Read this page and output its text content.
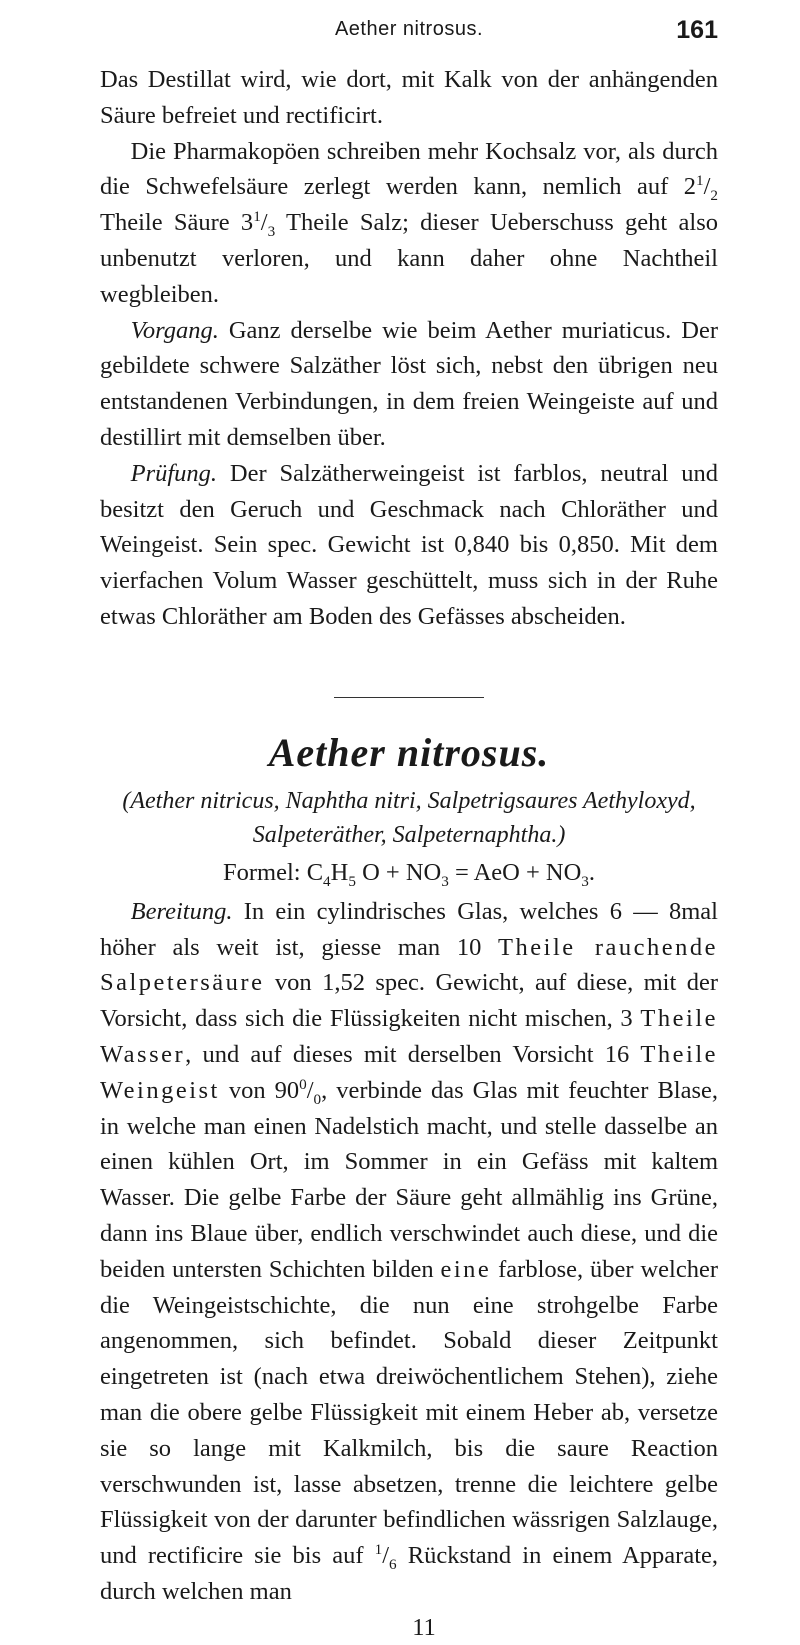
Aether nitrosus.	161

Das Destillat wird, wie dort, mit Kalk von der anhängenden Säure befreiet und rectificirt.

Die Pharmakopöen schreiben mehr Kochsalz vor, als durch die Schwefelsäure zerlegt werden kann, nemlich auf $2^1/_2$ Theile Säure $3^1/_3$ Theile Salz; dieser Ueberschuss geht also unbenutzt verloren, und kann daher ohne Nachtheil wegbleiben.

Vorgang. Ganz derselbe wie beim Aether muriaticus. Der gebildete schwere Salzäther löst sich, nebst den übrigen neu entstandenen Verbindungen, in dem freien Weingeiste auf und destillirt mit demselben über.

Prüfung. Der Salzätherweingeist ist farblos, neutral und besitzt den Geruch und Geschmack nach Chloräther und Weingeist. Sein spec. Gewicht ist 0,840 bis 0,850. Mit dem vierfachen Volum Wasser geschüttelt, muss sich in der Ruhe etwas Chloräther am Boden des Gefässes abscheiden.

Aether nitrosus.
(Aether nitricus, Naphtha nitri, Salpetrigsaures Aethyloxyd, Salpeteräther, Salpeternaphtha.)
Formel: $C_4H_5$ $O + NO_3$ = AeO + $NO_3$.

Bereitung. In ein cylindrisches Glas, welches 6 — 8mal höher als weit ist, giesse man 10 Theile rauchende Salpetersäure von 1,52 spec. Gewicht, auf diese, mit der Vorsicht, dass sich die Flüssigkeiten nicht mischen, 3 Theile Wasser, und auf dieses mit derselben Vorsicht 16 Theile Weingeist von $90^0/_0$, verbinde das Glas mit feuchter Blase, in welche man einen Nadelstich macht, und stelle dasselbe an einen kühlen Ort, im Sommer in ein Gefäss mit kaltem Wasser. Die gelbe Farbe der Säure geht allmählig ins Grüne, dann ins Blaue über, endlich verschwindet auch diese, und die beiden untersten Schichten bilden eine farblose, über welcher die Weingeistschichte, die nun eine strohgelbe Farbe angenommen, sich befindet. Sobald dieser Zeitpunkt eingetreten ist (nach etwa dreiwöchentlichem Stehen), ziehe man die obere gelbe Flüssigkeit mit einem Heber ab, versetze sie so lange mit Kalkmilch, bis die saure Reaction verschwunden ist, lasse absetzen, trenne die leichtere gelbe Flüssigkeit von der darunter befindlichen wässrigen Salzlauge, und rectificire sie bis auf $^1/_6$ Rückstand in einem Apparate, durch welchen man

11
